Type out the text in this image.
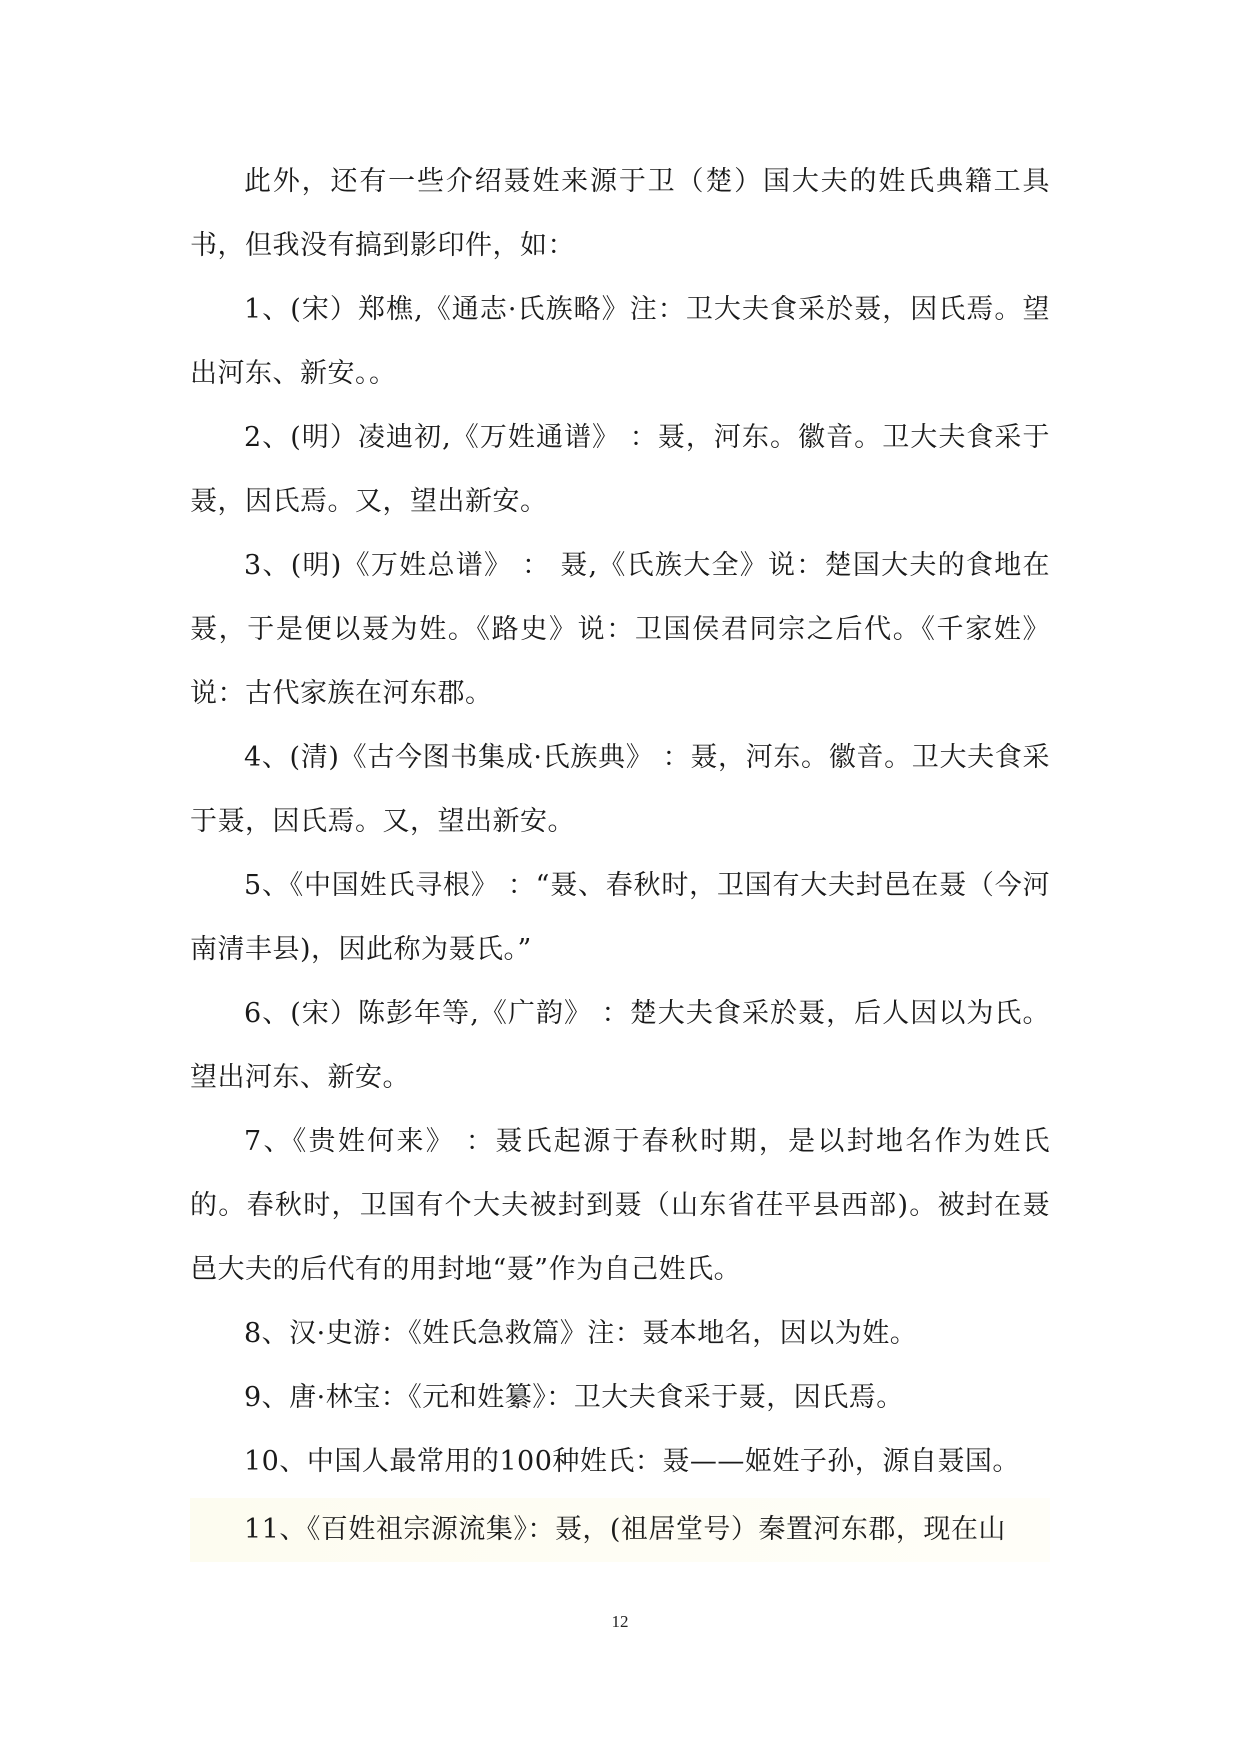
此外，还有一些介绍聂姓来源于卫（楚）国大夫的姓氏典籍工具书，但我没有搞到影印件，如：

1、(宋）郑樵,《通志·氏族略》注：卫大夫食采於聂，因氏焉。望出河东、新安。。

2、(明）凌迪初,《万姓通谱》 ：聂，河东。徽音。卫大夫食采于聂，因氏焉。又，望出新安。

3、(明)《万姓总谱》 ： 聂,《氏族大全》说：楚国大夫的食地在聂，于是便以聂为姓。《路史》说：卫国侯君同宗之后代。《千家姓》说：古代家族在河东郡。

4、(清)《古今图书集成·氏族典》 ：聂，河东。徽音。卫大夫食采于聂，因氏焉。又，望出新安。

5、《中国姓氏寻根》 ：“聂、春秋时，卫国有大夫封邑在聂（今河南清丰县)，因此称为聂氏。”

6、(宋）陈彭年等,《广韵》 ：楚大夫食采於聂，后人因以为氏。望出河东、新安。

7、《贵姓何来》 ：聂氏起源于春秋时期，是以封地名作为姓氏的。春秋时，卫国有个大夫被封到聂（山东省茌平县西部)。被封在聂邑大夫的后代有的用封地“聂”作为自己姓氏。

8、汉·史游：《姓氏急救篇》注：聂本地名，因以为姓。

9、唐·林宝：《元和姓纂》：卫大夫食采于聂，因氏焉。

10、中国人最常用的100种姓氏：聂——姬姓子孙，源自聂国。

11、《百姓祖宗源流集》：聂，(祖居堂号）秦置河东郡，现在山

12
